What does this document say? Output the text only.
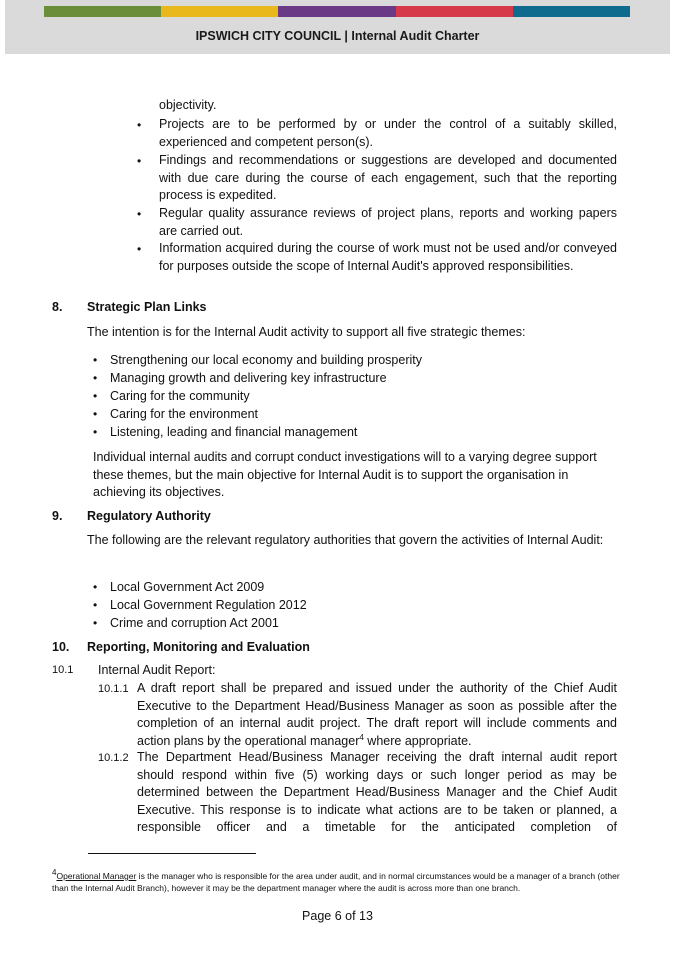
IPSWICH CITY COUNCIL | Internal Audit Charter
objectivity.
• Projects are to be performed by or under the control of a suitably skilled, experienced and competent person(s).
• Findings and recommendations or suggestions are developed and documented with due care during the course of each engagement, such that the reporting process is expedited.
• Regular quality assurance reviews of project plans, reports and working papers are carried out.
• Information acquired during the course of work must not be used and/or conveyed for purposes outside the scope of Internal Audit's approved responsibilities.
8. Strategic Plan Links
The intention is for the Internal Audit activity to support all five strategic themes:
• Strengthening our local economy and building prosperity
• Managing growth and delivering key infrastructure
• Caring for the community
• Caring for the environment
• Listening, leading and financial management
Individual internal audits and corrupt conduct investigations will to a varying degree support these themes, but the main objective for Internal Audit is to support the organisation in achieving its objectives.
9. Regulatory Authority
The following are the relevant regulatory authorities that govern the activities of Internal Audit:
• Local Government Act 2009
• Local Government Regulation 2012
• Crime and corruption Act 2001
10. Reporting, Monitoring and Evaluation
10.1 Internal Audit Report:
10.1.1 A draft report shall be prepared and issued under the authority of the Chief Audit Executive to the Department Head/Business Manager as soon as possible after the completion of an internal audit project. The draft report will include comments and action plans by the operational manager$^4$ where appropriate.
10.1.2 The Department Head/Business Manager receiving the draft internal audit report should respond within five (5) working days or such longer period as may be determined between the Department Head/Business Manager and the Chief Audit Executive. This response is to indicate what actions are to be taken or planned, a responsible officer and a timetable for the anticipated completion of
$^4$Operational Manager is the manager who is responsible for the area under audit, and in normal circumstances would be a manager of a branch (other than the Internal Audit Branch), however it may be the department manager where the audit is across more than one branch.
Page 6 of 13
